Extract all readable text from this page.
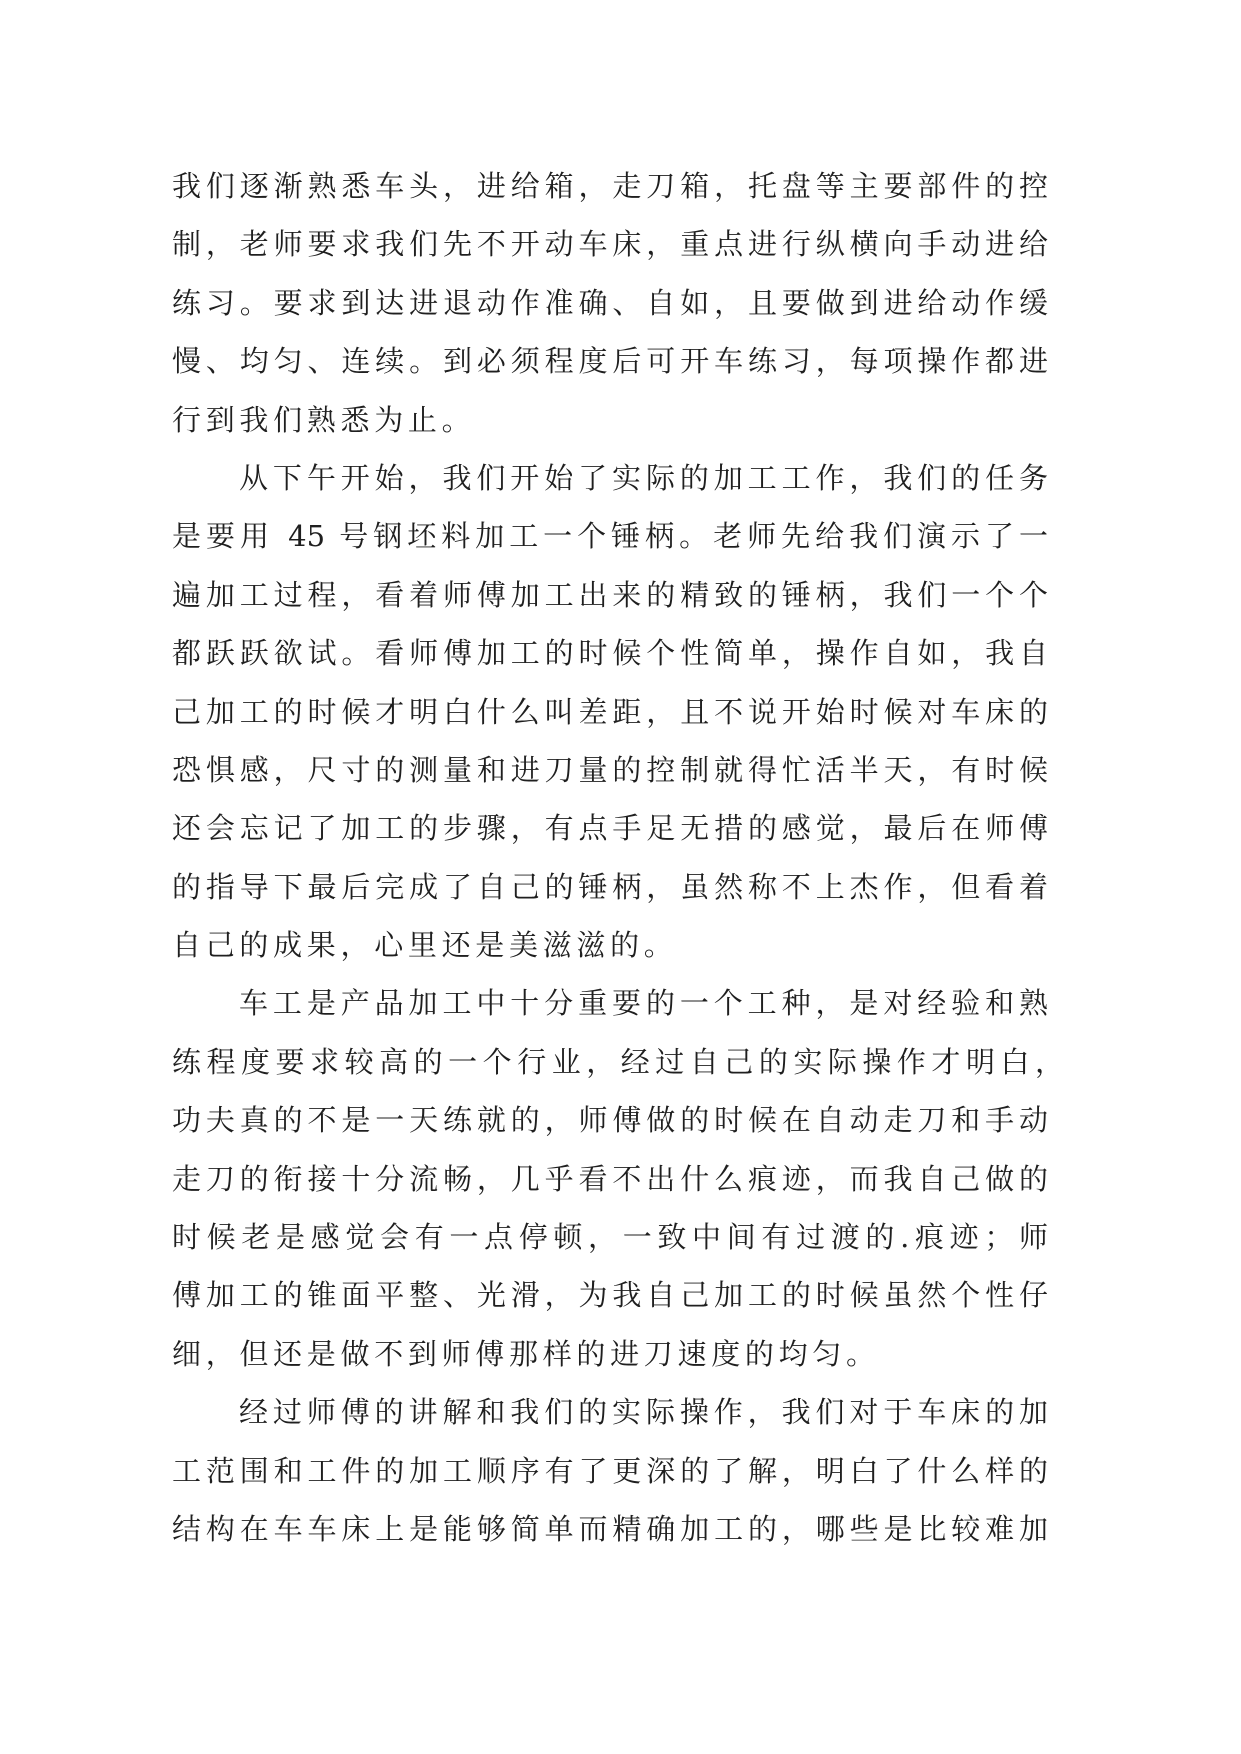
我们逐渐熟悉车头，进给箱，走刀箱，托盘等主要部件的控
制，老师要求我们先不开动车床，重点进行纵横向手动进给
练习。要求到达进退动作准确、自如，且要做到进给动作缓
慢、均匀、连续。到必须程度后可开车练习，每项操作都进
行到我们熟悉为止。
从下午开始，我们开始了实际的加工工作，我们的任务
是要用 45 号钢坯料加工一个锤柄。老师先给我们演示了一
遍加工过程，看着师傅加工出来的精致的锤柄，我们一个个
都跃跃欲试。看师傅加工的时候个性简单，操作自如，我自
己加工的时候才明白什么叫差距，且不说开始时候对车床的
恐惧感，尺寸的测量和进刀量的控制就得忙活半天，有时候
还会忘记了加工的步骤，有点手足无措的感觉，最后在师傅
的指导下最后完成了自己的锤柄，虽然称不上杰作，但看着
自己的成果，心里还是美滋滋的。
车工是产品加工中十分重要的一个工种，是对经验和熟
练程度要求较高的一个行业，经过自己的实际操作才明白，
功夫真的不是一天练就的，师傅做的时候在自动走刀和手动
走刀的衔接十分流畅，几乎看不出什么痕迹，而我自己做的
时候老是感觉会有一点停顿，一致中间有过渡的.痕迹；师
傅加工的锥面平整、光滑，为我自己加工的时候虽然个性仔
细，但还是做不到师傅那样的进刀速度的均匀。
经过师傅的讲解和我们的实际操作，我们对于车床的加
工范围和工件的加工顺序有了更深的了解，明白了什么样的
结构在车车床上是能够简单而精确加工的，哪些是比较难加
